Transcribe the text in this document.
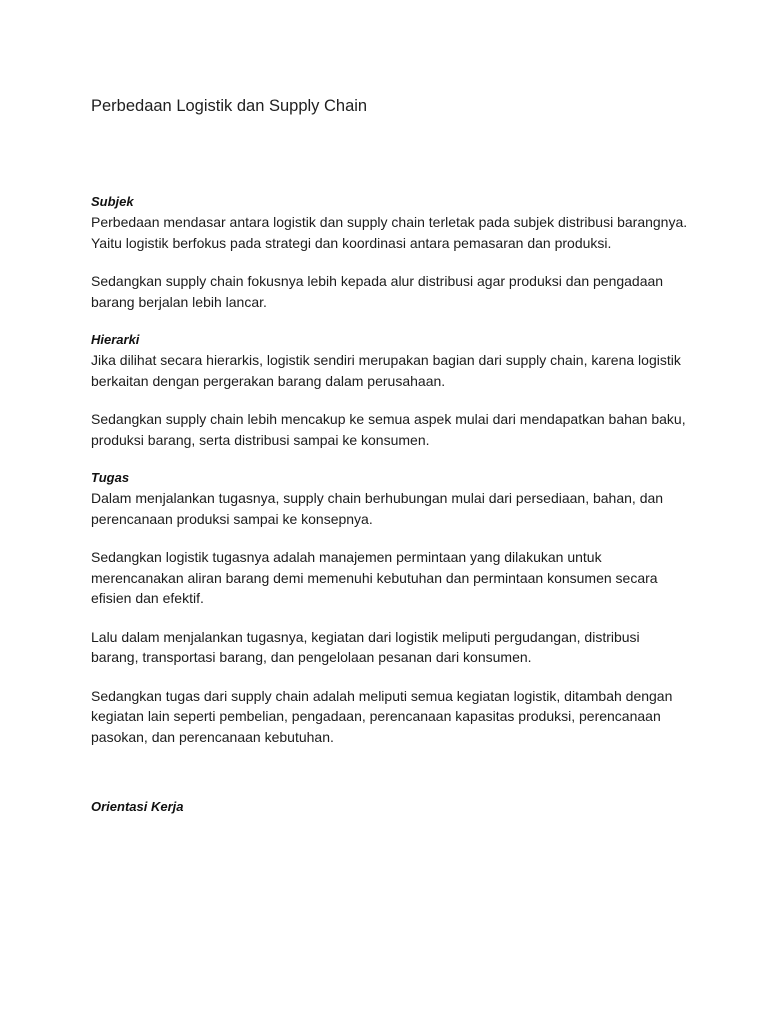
Perbedaan Logistik dan Supply Chain

Subjek

Perbedaan mendasar antara logistik dan supply chain terletak pada subjek distribusi barangnya. Yaitu logistik berfokus pada strategi dan koordinasi antara pemasaran dan produksi.

Sedangkan supply chain fokusnya lebih kepada alur distribusi agar produksi dan pengadaan barang berjalan lebih lancar.

Hierarki

Jika dilihat secara hierarkis, logistik sendiri merupakan bagian dari supply chain, karena logistik berkaitan dengan pergerakan barang dalam perusahaan.

Sedangkan supply chain lebih mencakup ke semua aspek mulai dari mendapatkan bahan baku, produksi barang, serta distribusi sampai ke konsumen.

Tugas

Dalam menjalankan tugasnya, supply chain berhubungan mulai dari persediaan, bahan, dan perencanaan produksi sampai ke konsepnya.

Sedangkan logistik tugasnya adalah manajemen permintaan yang dilakukan untuk merencanakan aliran barang demi memenuhi kebutuhan dan permintaan konsumen secara efisien dan efektif.

Lalu dalam menjalankan tugasnya, kegiatan dari logistik meliputi pergudangan, distribusi barang, transportasi barang, dan pengelolaan pesanan dari konsumen.

Sedangkan tugas dari supply chain adalah meliputi semua kegiatan logistik, ditambah dengan kegiatan lain seperti pembelian, pengadaan, perencanaan kapasitas produksi, perencanaan pasokan, dan perencanaan kebutuhan.

Orientasi Kerja
